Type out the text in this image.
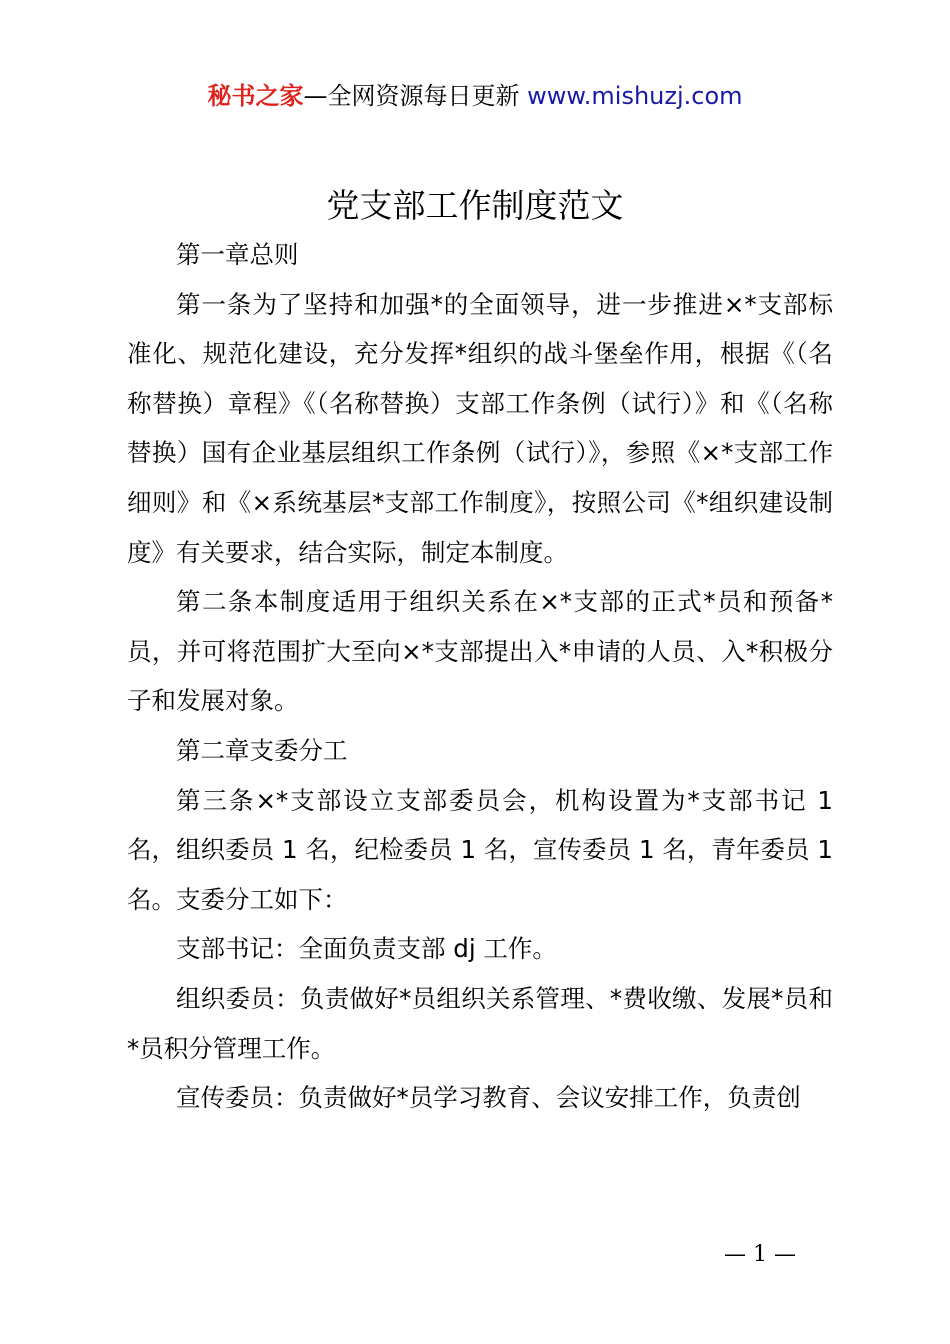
秘书之家—全网资源每日更新 www.mishuzj.com
党支部工作制度范文

第一章总则

第一条为了坚持和加强*的全面领导，进一步推进×*支部标准化、规范化建设，充分发挥*组织的战斗堡垒作用，根据《（名称替换）章程》《（名称替换）支部工作条例（试行）》和《（名称替换）国有企业基层组织工作条例（试行）》，参照《×*支部工作细则》和《×系统基层*支部工作制度》，按照公司《*组织建设制度》有关要求，结合实际，制定本制度。

第二条本制度适用于组织关系在×*支部的正式*员和预备*员，并可将范围扩大至向×*支部提出入*申请的人员、入*积极分子和发展对象。

第二章支委分工

第三条×*支部设立支部委员会，机构设置为*支部书记 1 名，组织委员 1 名，纪检委员 1 名，宣传委员 1 名，青年委员 1 名。支委分工如下：

支部书记：全面负责支部 dj 工作。

组织委员：负责做好*员组织关系管理、*费收缴、发展*员和*员积分管理工作。

宣传委员：负责做好*员学习教育、会议安排工作，负责创

— 1 —
